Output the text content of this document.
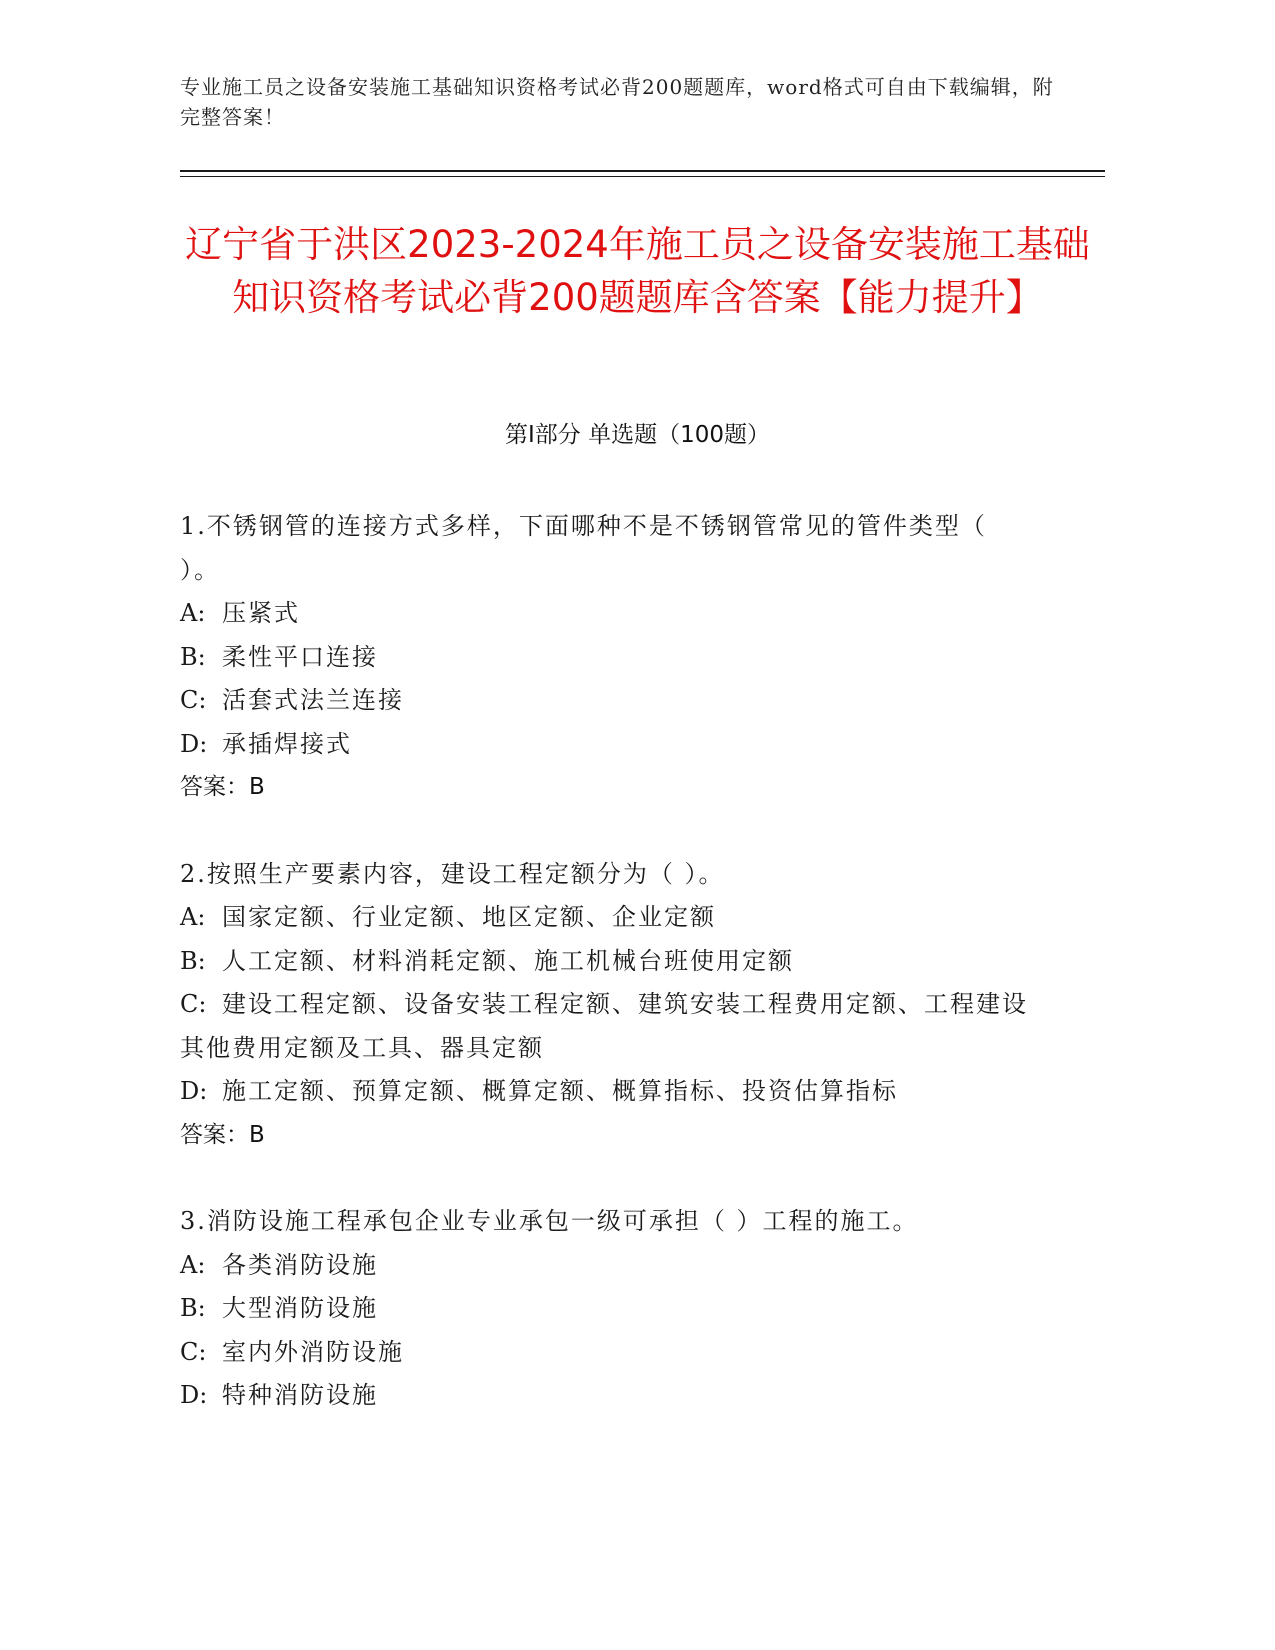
专业施工员之设备安装施工基础知识资格考试必背200题题库，word格式可自由下载编辑，附完整答案！
辽宁省于洪区2023-2024年施工员之设备安装施工基础知识资格考试必背200题题库含答案【能力提升】
第Ⅰ部分 单选题（100题）

1.不锈钢管的连接方式多样，下面哪种不是不锈钢管常见的管件类型（ ）。

A: 压紧式

B: 柔性平口连接

C: 活套式法兰连接

D: 承插焊接式

答案：B

2.按照生产要素内容，建设工程定额分为（ ）。

A: 国家定额、行业定额、地区定额、企业定额

B: 人工定额、材料消耗定额、施工机械台班使用定额

C: 建设工程定额、设备安装工程定额、建筑安装工程费用定额、工程建设其他费用定额及工具、器具定额

D: 施工定额、预算定额、概算定额、概算指标、投资估算指标

答案：B

3.消防设施工程承包企业专业承包一级可承担（ ）工程的施工。

A: 各类消防设施

B: 大型消防设施

C: 室内外消防设施

D: 特种消防设施
